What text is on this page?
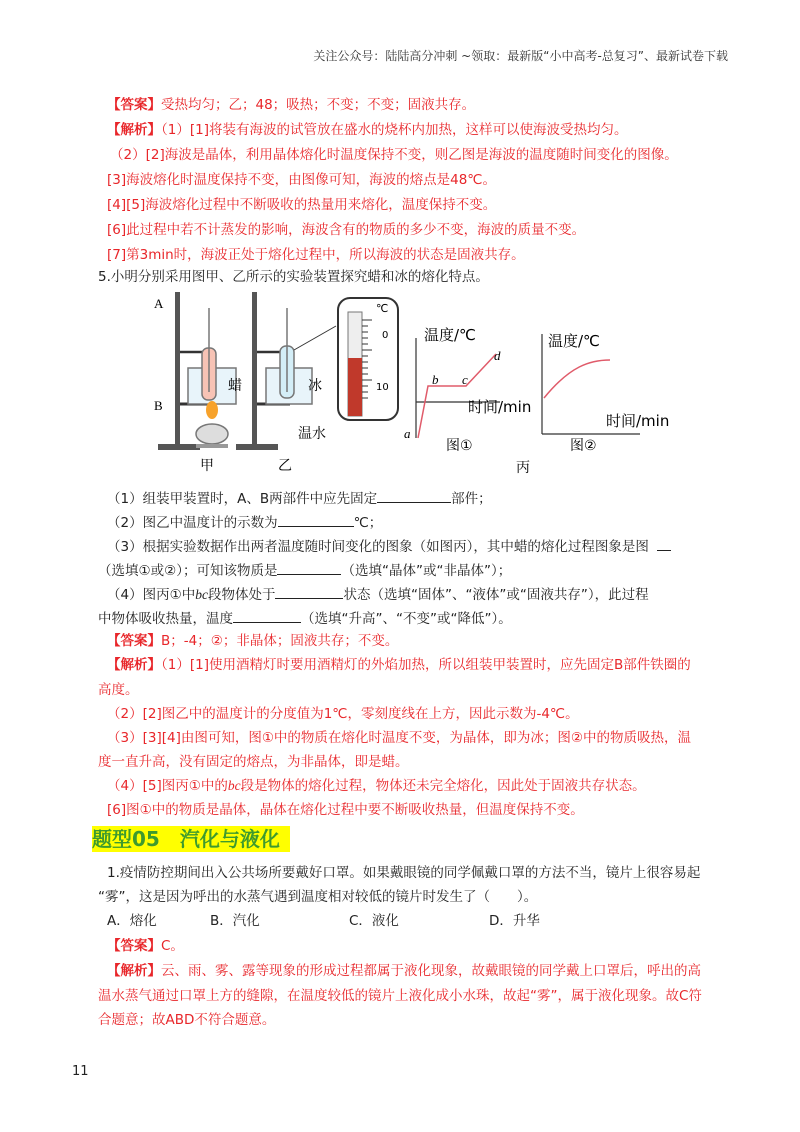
关注公众号：陆陆高分冲刺 ~领取：最新版“小中高考-总复习”、最新试卷下载
【答案】受热均匀；乙；48；吸热；不变；不变；固液共存。
【解析】（1）[1]将装有海波的试管放在盛水的烧杯内加热，这样可以使海波受热均匀。
（2）[2]海波是晶体，利用晶体熔化时温度保持不变，则乙图是海波的温度随时间变化的图像。
[3]海波熔化时温度保持不变，由图像可知，海波的熔点是48℃。
[4][5]海波熔化过程中不断吸收的热量用来熔化，温度保持不变。
[6]此过程中若不计蒸发的影响，海波含有的物质的多少不变，海波的质量不变。
[7]第3min时，海波正处于熔化过程中，所以海波的状态是固液共存。
5.小明分别采用图甲、乙所示的实验装置探究蜡和冰的熔化特点。
A
B
蜡
甲
冰
温水
乙
℃
0
10
温度/℃
时间/min
a
b c
d
图①
温度/℃
时间/min
图②
丙
（1）组装甲装置时，A、B两部件中应先固定	部件；
（2）图乙中温度计的示数为	℃；
（3）根据实验数据作出两者温度随时间变化的图象（如图丙），其中蜡的熔化过程图象是图
（选填①或②）；可知该物质是	（选填“晶体”或“非晶体”）；
（4）图丙①中bc段物体处于	状态（选填“固体”、“液体”或“固液共存”），此过程
中物体吸收热量，温度	（选填“升高”、“不变”或“降低”）。
【答案】B；-4；②；非晶体；固液共存；不变。
【解析】（1）[1]使用酒精灯时要用酒精灯的外焰加热，所以组装甲装置时，应先固定B部件铁圈的
高度。
（2）[2]图乙中的温度计的分度值为1℃，零刻度线在上方，因此示数为-4℃。
（3）[3][4]由图可知，图①中的物质在熔化时温度不变，为晶体，即为冰；图②中的物质吸热，温
度一直升高，没有固定的熔点，为非晶体，即是蜡。
（4）[5]图丙①中的bc段是物体的熔化过程，物体还未完全熔化，因此处于固液共存状态。
[6]图①中的物质是晶体，晶体在熔化过程中要不断吸收热量，但温度保持不变。
题型05　汽化与液化
1.疫情防控期间出入公共场所要戴好口罩。如果戴眼镜的同学佩戴口罩的方法不当，镜片上很容易起
“雾”，这是因为呼出的水蒸气遇到温度相对较低的镜片时发生了（　　）。
A．熔化	B．汽化	C．液化	D．升华
【答案】C。
【解析】云、雨、雾、露等现象的形成过程都属于液化现象，故戴眼镜的同学戴上口罩后，呼出的高
温水蒸气通过口罩上方的缝隙，在温度较低的镜片上液化成小水珠，故起“雾”，属于液化现象。故C符
合题意；故ABD不符合题意。
11
